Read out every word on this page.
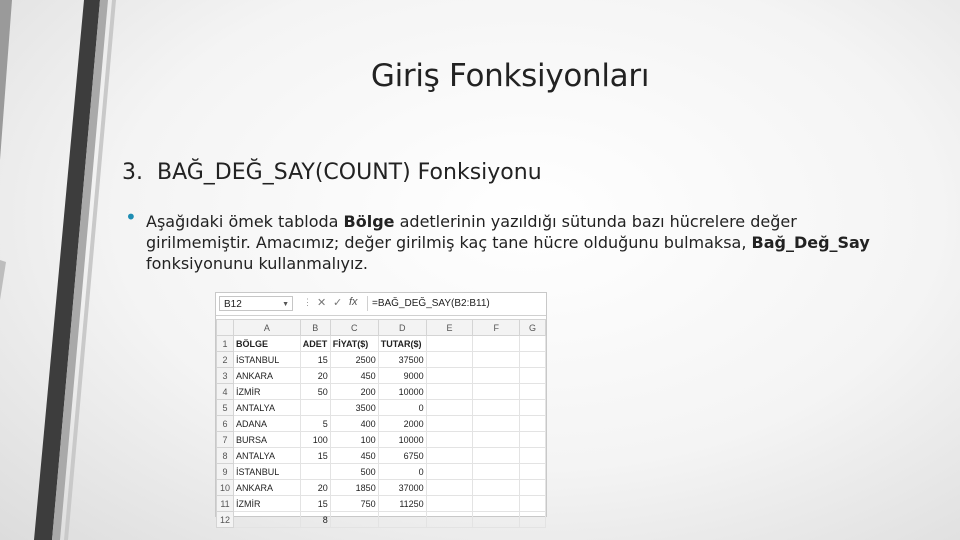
Giriş Fonksiyonları
3. BAĞ_DEĞ_SAY(COUNT) Fonksiyonu
• Aşağıdaki ömek tabloda Bölge adetlerinin yazıldığı sütunda bazı hücrelere değer girilmemiştir. Amacımız; değer girilmiş kaç tane hücre olduğunu bulmaksa, Bağ_Değ_Say fonksiyonunu kullanmalıyız.
B12	▼ ⋮ ✕ ✓ fx	=BAĞ_DEĞ_SAY(B2:B11)
	A	B	C	D	E	F	G
1	BÖLGE	ADET	FİYAT($)	TUTAR($)			
2	İSTANBUL	15	2500	37500			
3	ANKARA	20	450	9000			
4	İZMİR	50	200	10000			
5	ANTALYA		3500	0			
6	ADANA	5	400	2000			
7	BURSA	100	100	10000			
8	ANTALYA	15	450	6750			
9	İSTANBUL		500	0			
10	ANKARA	20	1850	37000			
11	İZMİR	15	750	11250			
12		8					
